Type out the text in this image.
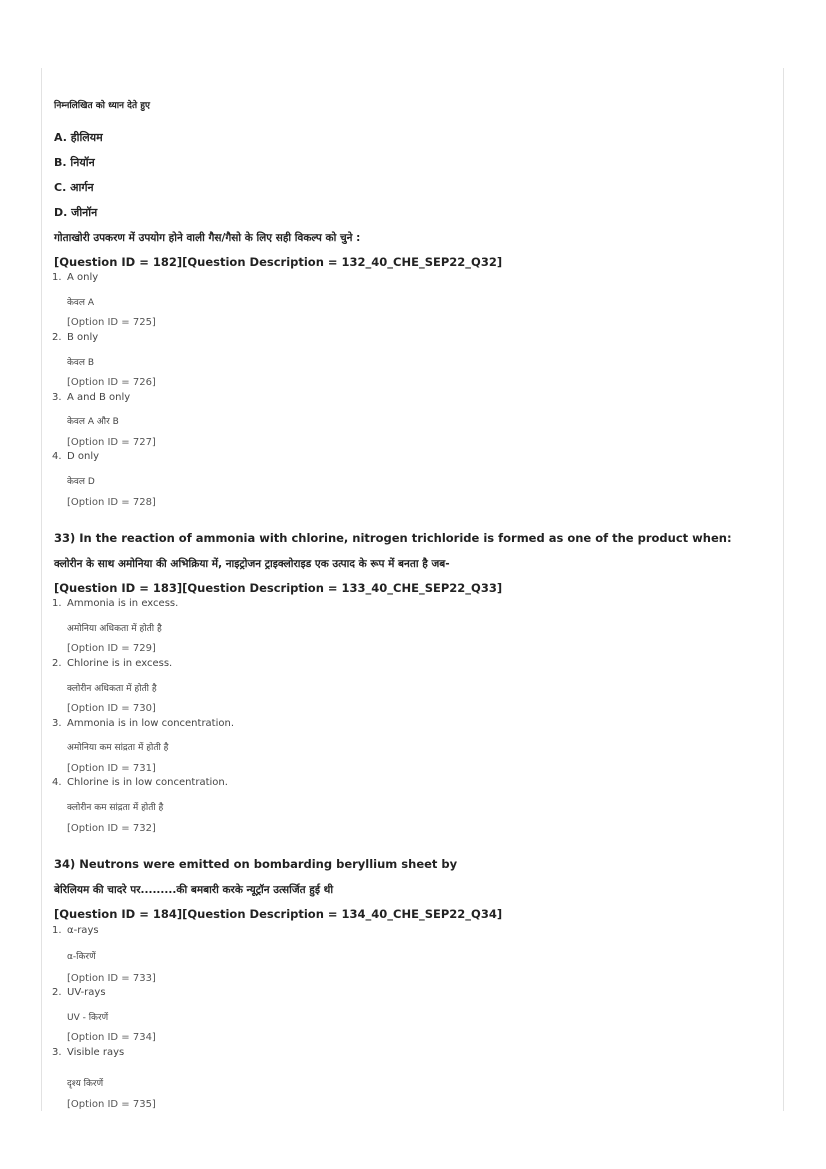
निम्नलिखित को ध्यान देते हुए
A. हीलियम
B. नियॉन
C. आर्गन
D. जीनॉन
गोताखोरी उपकरण में उपयोग होने वाली गैस/गैसो के लिए सही विकल्प को चुने :
[Question ID = 182][Question Description = 132_40_CHE_SEP22_Q32]
1. A only
केवल A
[Option ID = 725]
2. B only
केवल B
[Option ID = 726]
3. A and B only
केवल A और B
[Option ID = 727]
4. D only
केवल D
[Option ID = 728]
33) In the reaction of ammonia with chlorine, nitrogen trichloride is formed as one of the product when:
क्लोरीन के साथ अमोनिया की अभिक्रिया में, नाइट्रोजन ट्राइक्लोराइड एक उत्पाद के रूप में बनता है जब-
[Question ID = 183][Question Description = 133_40_CHE_SEP22_Q33]
1. Ammonia is in excess.
अमोनिया अधिकता में होती है
[Option ID = 729]
2. Chlorine is in excess.
क्लोरीन अधिकता में होती है
[Option ID = 730]
3. Ammonia is in low concentration.
अमोनिया कम सांद्रता में होती है
[Option ID = 731]
4. Chlorine is in low concentration.
क्लोरीन कम सांद्रता में होती है
[Option ID = 732]
34) Neutrons were emitted on bombarding beryllium sheet by
बेरिलियम की चादरे पर.........की बमबारी करके न्यूट्रॉन उत्सर्जित हुई थी
[Question ID = 184][Question Description = 134_40_CHE_SEP22_Q34]
1. α-rays
α-किरणें
[Option ID = 733]
2. UV-rays
UV - किरणें
[Option ID = 734]
3. Visible rays
दृश्य किरणें
[Option ID = 735]
